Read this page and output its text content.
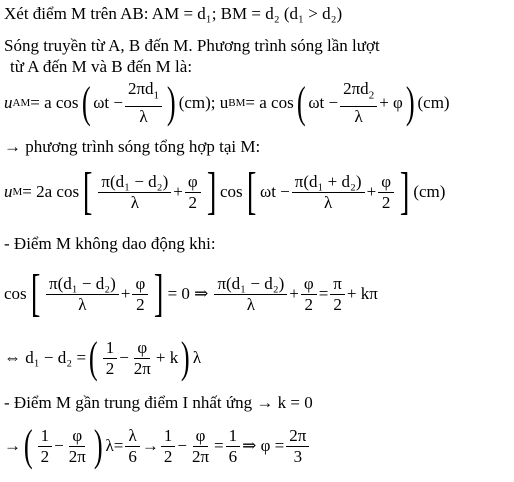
Xét điểm M trên AB: AM = d₁; BM = d₂ (d₁ > d₂)
Sóng truyền từ A, B đến M. Phương trình sóng lần lượt
từ A đến M và B đến M là:
u AM = a cos ( $\omega t - \frac{2\pi d_1}{\lambda}$ ) (cm); u BM = a cos ( $\omega t - \frac{2\pi d_2}{\lambda} + \varphi$ ) (cm)
→ phương trình sóng tổng hợp tại M:
u M = 2a cos [ $\frac{\text{π(d₁ − d₂)}}{\lambda} + \frac{\varphi}{2}$ ] cos [ $\omega t - \frac{\text{π(d₁ + d₂)}}{\lambda} + \frac{\varphi}{2}$ ] (cm)
- Điểm M không dao động khi:
cos [ $\frac{\text{π(d₁ − d₂)}}{\lambda} + \frac{\varphi}{2}$ ] = 0 ⇒ $\frac{\text{π(d₁ − d₂)}}{\lambda} + \frac{\varphi}{2} = \frac{\pi}{2} + k\pi$
⇔ d₁ − d₂ = ( $\frac{1}{2} - \frac{\varphi}{2\pi} + k$ ) λ
- Điểm M gần trung điểm I nhất ứng → k = 0
→ ( $\frac{1}{2} - \frac{\varphi}{2\pi}$ ) $\lambda = \frac{\lambda}{6} \to \frac{1}{2} - \frac{\varphi}{2\pi} = \frac{1}{6}$ ⇒ $\varphi = \frac{2\pi}{3}$
